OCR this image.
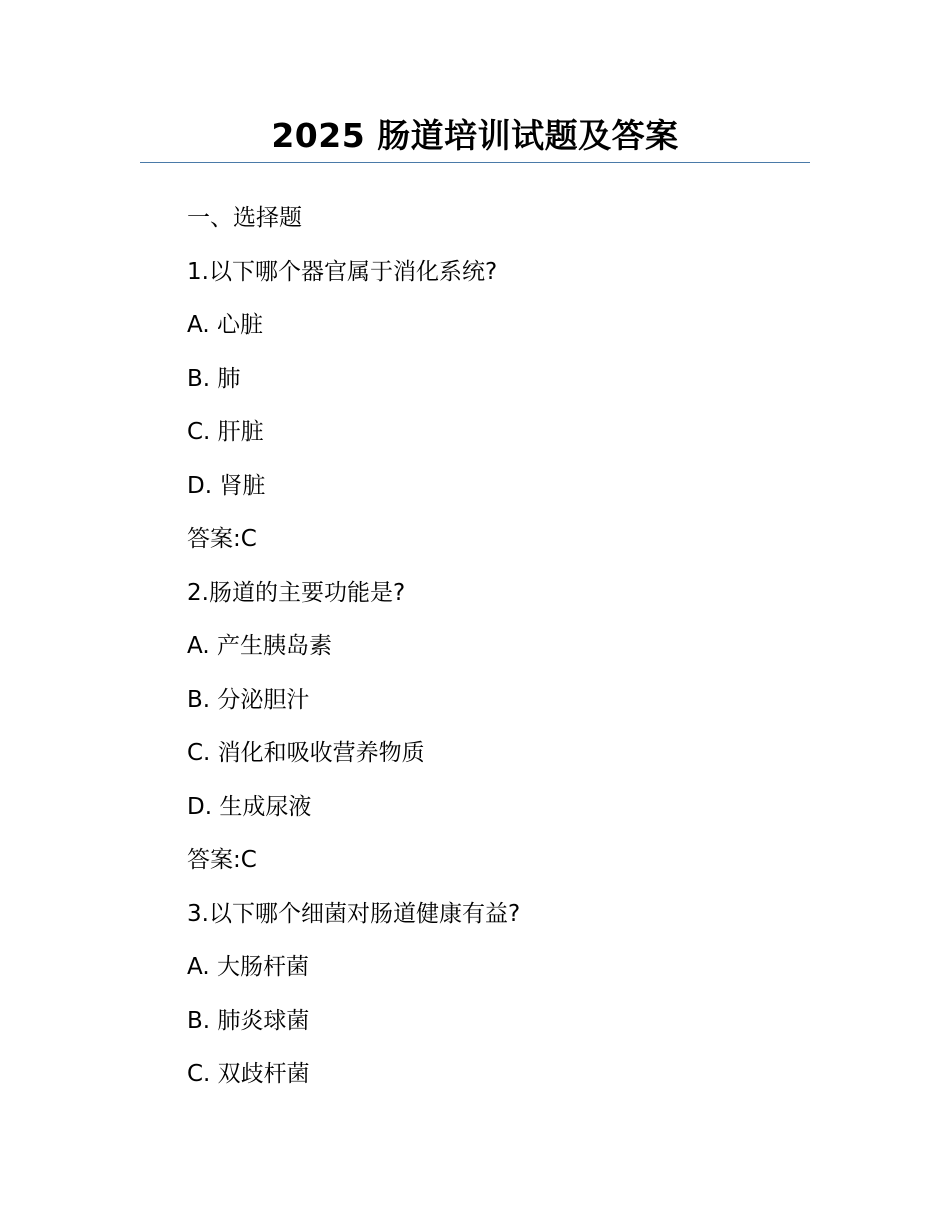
2025 肠道培训试题及答案
一、选择题
1.以下哪个器官属于消化系统?
A. 心脏
B. 肺
C. 肝脏
D. 肾脏
答案:C
2.肠道的主要功能是?
A. 产生胰岛素
B. 分泌胆汁
C. 消化和吸收营养物质
D. 生成尿液
答案:C
3.以下哪个细菌对肠道健康有益?
A. 大肠杆菌
B. 肺炎球菌
C. 双歧杆菌
